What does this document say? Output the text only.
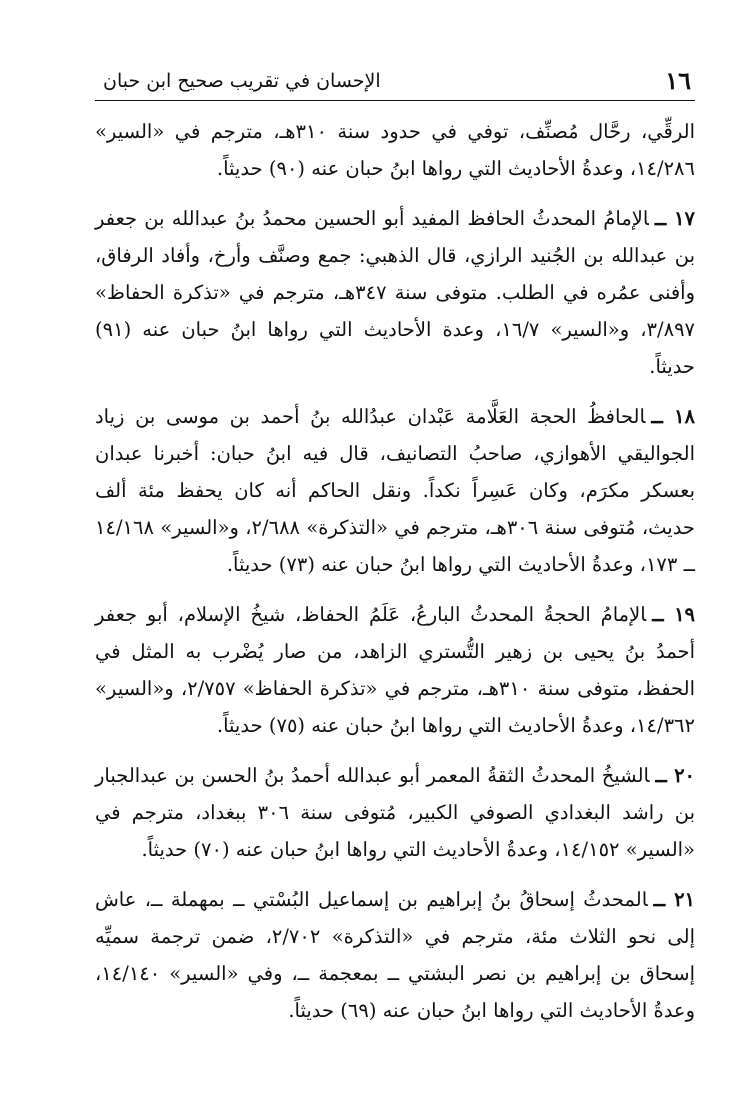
١٦
الإحسان في تقريب صحيح ابن حبان

الرقِّي، رحَّال مُصنِّف، توفي في حدود سنة ٣١٠هـ، مترجم في «السير» ١٤/٢٨٦، وعدةُ الأحاديث التي رواها ابنُ حبان عنه (٩٠) حديثاً.

١٧ ــالإمامُ المحدثُ الحافظ المفيد أبو الحسين محمدُ بنُ عبدالله بن جعفر بن عبدالله بن الجُنيد الرازي، قال الذهبي: جمع وصنَّف وأرخ، وأفاد الرفاق، وأفنى عمُره في الطلب. متوفى سنة ٣٤٧هـ، مترجم في «تذكرة الحفاظ» ٣/٨٩٧، و«السير» ١٦/٧، وعدة الأحاديث التي رواها ابنُ حبان عنه (٩١) حديثاً.

١٨ ــالحافظُ الحجة العَلَّامة عَبْدان عبدُالله بنُ أحمد بن موسى بن زياد الجواليقي الأهوازي، صاحبُ التصانيف، قال فيه ابنُ حبان: أخبرنا عبدان بعسكر مكرَم، وكان عَسِراً نكداً. ونقل الحاكم أنه كان يحفظ مئة ألف حديث، مُتوفى سنة ٣٠٦هـ، مترجم في «التذكرة» ٢/٦٨٨، و«السير» ١٤/١٦٨ ــ ١٧٣، وعدةُ الأحاديث التي رواها ابنُ حبان عنه (٧٣) حديثاً.

١٩ ــالإمامُ الحجةُ المحدثُ البارعُ، عَلَمُ الحفاظ، شيخُ الإسلام، أبو جعفر أحمدُ بنُ يحيى بن زهير التُّستري الزاهد، من صار يُضْرب به المثل في الحفظ، متوفى سنة ٣١٠هـ، مترجم في «تذكرة الحفاظ» ٢/٧٥٧، و«السير» ١٤/٣٦٢، وعدةُ الأحاديث التي رواها ابنُ حبان عنه (٧٥) حديثاً.

٢٠ ــالشيخُ المحدثُ الثقةُ المعمر أبو عبدالله أحمدُ بنُ الحسن بن عبدالجبار بن راشد البغدادي الصوفي الكبير، مُتوفى سنة ٣٠٦ ببغداد، مترجم في «السير» ١٤/١٥٢، وعدةُ الأحاديث التي رواها ابنُ حبان عنه (٧٠) حديثاً.

٢١ ــالمحدثُ إسحاقُ بنُ إبراهيم بن إسماعيل البُسْتي ــ بمهملة ــ، عاش إلى نحو الثلاث مئة، مترجم في «التذكرة» ٢/٧٠٢، ضمن ترجمة سميِّه إسحاق بن إبراهيم بن نصر البشتي ــ بمعجمة ــ، وفي «السير» ١٤/١٤٠، وعدةُ الأحاديث التي رواها ابنُ حبان عنه (٦٩) حديثاً.
